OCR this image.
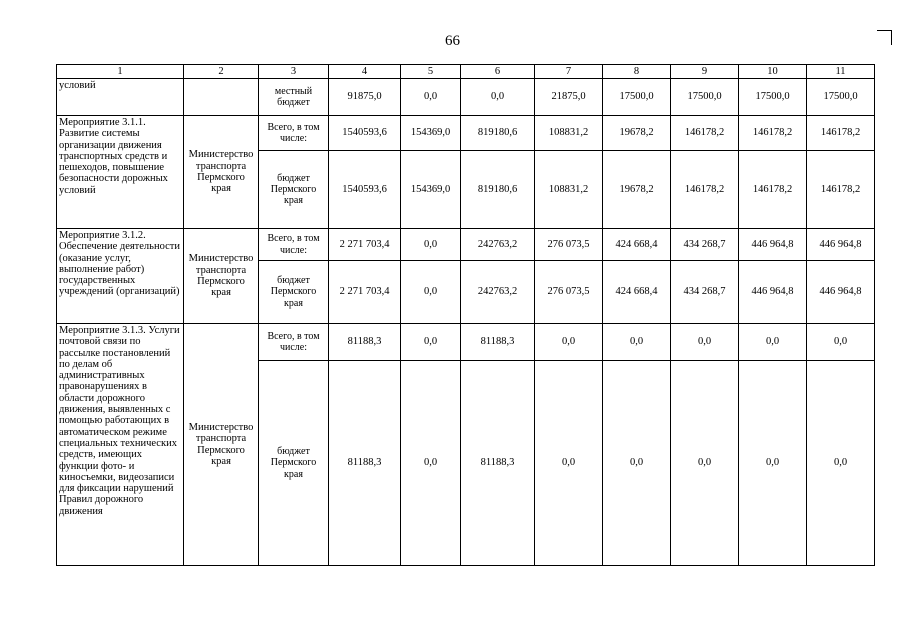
66
1	2	3	4	5	6	7	8	9	10	11
условий		местный бюджет	91875,0	0,0	0,0	21875,0	17500,0	17500,0	17500,0	17500,0
Мероприятие 3.1.1. Развитие системы организации движения транспортных средств и пешеходов, повышение безопасности дорожных условий	Министерство транспорта Пермского края	Всего, в том числе:	1540593,6	154369,0	819180,6	108831,2	19678,2	146178,2	146178,2	146178,2
		бюджет Пермского края	1540593,6	154369,0	819180,6	108831,2	19678,2	146178,2	146178,2	146178,2
Мероприятие 3.1.2. Обеспечение деятельности (оказание услуг, выполнение работ) государственных учреждений (организаций)	Министерство транспорта Пермского края	Всего, в том числе:	2 271 703,4	0,0	242763,2	276 073,5	424 668,4	434 268,7	446 964,8	446 964,8
		бюджет Пермского края	2 271 703,4	0,0	242763,2	276 073,5	424 668,4	434 268,7	446 964,8	446 964,8
Мероприятие 3.1.3. Услуги почтовой связи по рассылке постановлений по делам об административных правонарушениях в области дорожного движения, выявленных с помощью работающих в автоматическом режиме специальных технических средств, имеющих функции фото- и киносъемки, видеозаписи для фиксации нарушений Правил дорожного движения	Министерство транспорта Пермского края	Всего, в том числе:	81188,3	0,0	81188,3	0,0	0,0	0,0	0,0	0,0
		бюджет Пермского края	81188,3	0,0	81188,3	0,0	0,0	0,0	0,0	0,0
